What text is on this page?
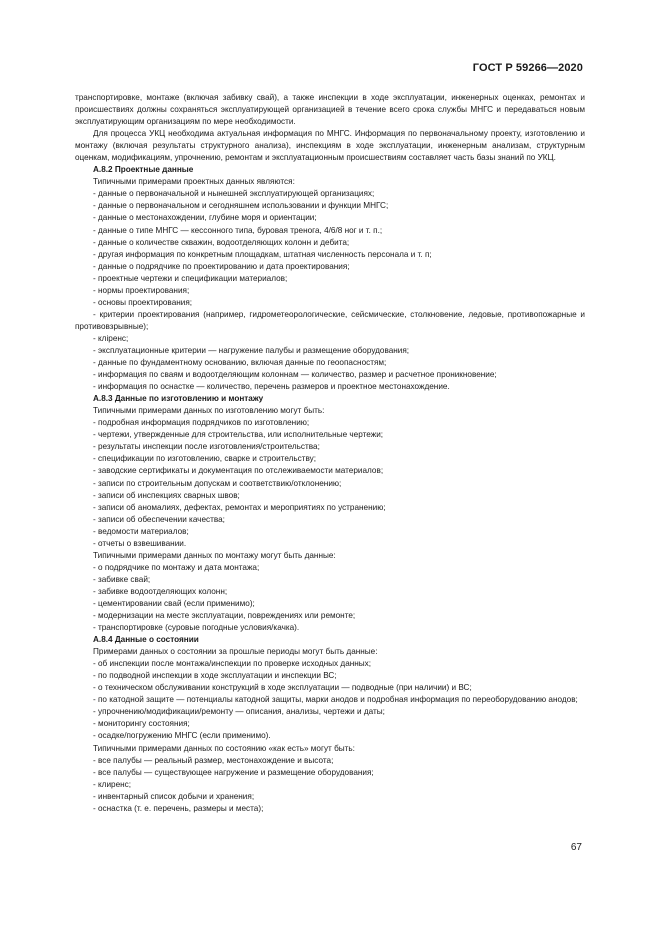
ГОСТ Р 59266—2020

транспортировке, монтаже (включая забивку свай), а также инспекции в ходе эксплуатации, инженерных оценках, ремонтах и происшествиях должны сохраняться эксплуатирующей организацией в течение всего срока службы МНГС и передаваться новым эксплуатирующим организациям по мере необходимости.

Для процесса УКЦ необходима актуальная информация по МНГС. Информация по первоначальному проекту, изготовлению и монтажу (включая результаты структурного анализа), инспекциям в ходе эксплуатации, инженерным анализам, структурным оценкам, модификациям, упрочнению, ремонтам и эксплуатационным происшествиям составляет часть базы знаний по УКЦ.

А.8.2 Проектные данные

Типичными примерами проектных данных являются:

- данные о первоначальной и нынешней эксплуатирующей организациях;

- данные о первоначальном и сегодняшнем использовании и функции МНГС;

- данные о местонахождении, глубине моря и ориентации;

- данные о типе МНГС — кессонного типа, буровая тренога, 4/6/8 ног и т. п.;

- данные о количестве скважин, водоотделяющих колонн и дебита;

- другая информация по конкретным площадкам, штатная численность персонала и т. п;

- данные о подрядчике по проектированию и дата проектирования;

- проектные чертежи и спецификации материалов;

- нормы проектирования;

- основы проектирования;

- критерии проектирования (например, гидрометеорологические, сейсмические, столкновение, ледовые, противопожарные и противовзрывные);

- кліренс;

- эксплуатационные критерии — нагружение палубы и размещение оборудования;

- данные по фундаментному основанию, включая данные по геоопасностям;

- информация по сваям и водоотделяющим колоннам — количество, размер и расчетное проникновение;

- информация по оснастке — количество, перечень размеров и проектное местонахождение.

А.8.3 Данные по изготовлению и монтажу

Типичными примерами данных по изготовлению могут быть:

- подробная информация подрядчиков по изготовлению;

- чертежи, утвержденные для строительства, или исполнительные чертежи;

- результаты инспекции после изготовления/строительства;

- спецификации по изготовлению, сварке и строительству;

- заводские сертификаты и документация по отслеживаемости материалов;

- записи по строительным допускам и соответствию/отклонению;

- записи об инспекциях сварных швов;

- записи об аномалиях, дефектах, ремонтах и мероприятиях по устранению;

- записи об обеспечении качества;

- ведомости материалов;

- отчеты о взвешивании.

Типичными примерами данных по монтажу могут быть данные:

- о подрядчике по монтажу и дата монтажа;

- забивке свай;

- забивке водоотделяющих колонн;

- цементировании свай (если применимо);

- модернизации на месте эксплуатации, повреждениях или ремонте;

- транспортировке (суровые погодные условия/качка).

А.8.4 Данные о состоянии

Примерами данных о состоянии за прошлые периоды могут быть данные:

- об инспекции после монтажа/инспекции по проверке исходных данных;

- по подводной инспекции в ходе эксплуатации и инспекции ВС;

- о техническом обслуживании конструкций в ходе эксплуатации — подводные (при наличии) и ВС;

- по катодной защите — потенциалы катодной защиты, марки анодов и подробная информация по переоборудованию анодов;

- упрочнению/модификации/ремонту — описания, анализы, чертежи и даты;

- мониторингу состояния;

- осадке/погружению МНГС (если применимо).

Типичными примерами данных по состоянию «как есть» могут быть:

- все палубы — реальный размер, местонахождение и высота;

- все палубы — существующее нагружение и размещение оборудования;

- клиренс;

- инвентарный список добычи и хранения;

- оснастка (т. е. перечень, размеры и места);

67
